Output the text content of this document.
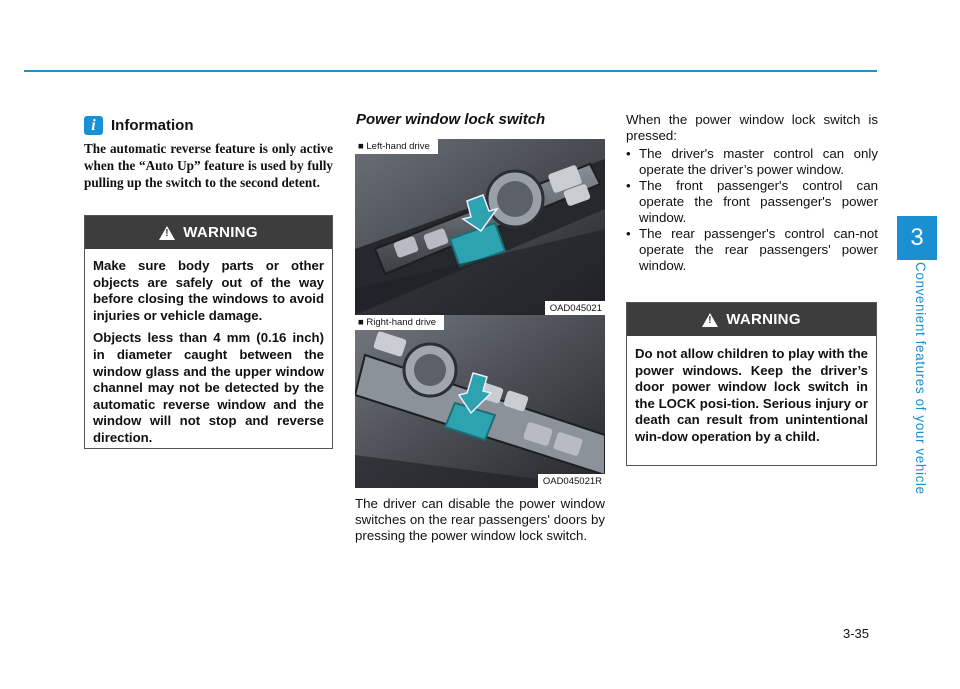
3
Convenient features of your vehicle
i Information
The automatic reverse feature is only active when the “Auto Up” feature is used by fully pulling up the switch to the second detent.
! WARNING

Make sure body parts or other objects are safely out of the way before closing the windows to avoid injuries or vehicle damage.

Objects less than 4 mm (0.16 inch) in diameter caught between the window glass and the upper window channel may not be detected by the automatic reverse window and the window will not stop and reverse direction.

Power window lock switch
■ Left-hand drive
OAD045021
■ Right-hand drive
OAD045021R
The driver can disable the power window switches on the rear passengers' doors by pressing the power window lock switch.
When the power window lock switch is pressed:
• The driver's master control can only operate the driver’s power window.
• The front passenger's control can operate the front passenger's power window.
• The rear passenger's control can-not operate the rear passengers' power window.
! WARNING

Do not allow children to play with the power windows. Keep the driver’s door power window lock switch in the LOCK posi-tion. Serious injury or death can result from unintentional win-dow operation by a child.

3-35
